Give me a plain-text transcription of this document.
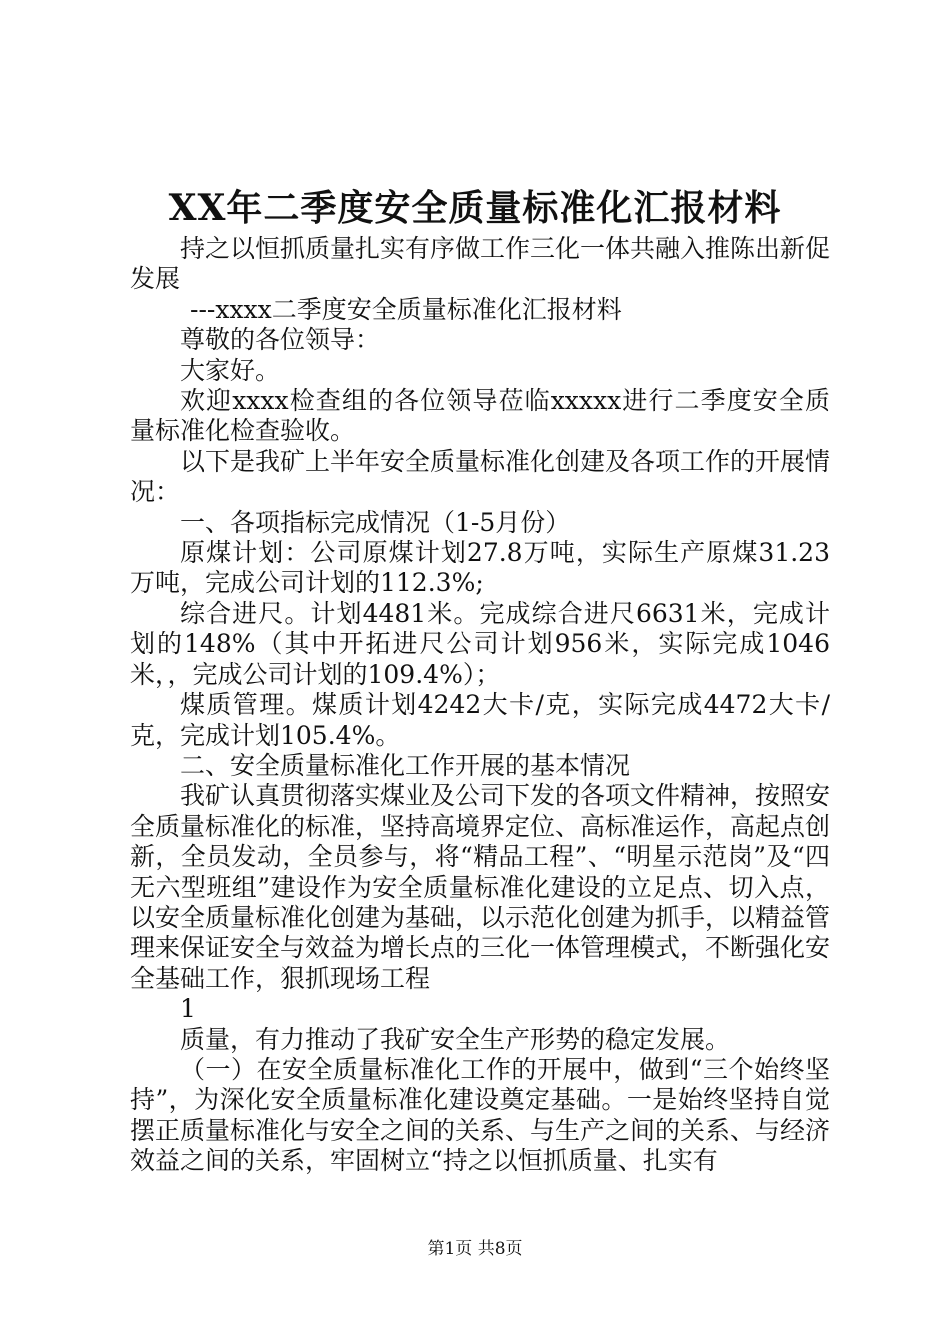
XX年二季度安全质量标准化汇报材料

持之以恒抓质量扎实有序做工作三化一体共融入推陈出新促发展

---xxxx二季度安全质量标准化汇报材料

尊敬的各位领导：

大家好。

欢迎xxxx检查组的各位领导莅临xxxxx进行二季度安全质量标准化检查验收。

以下是我矿上半年安全质量标准化创建及各项工作的开展情况：

一、各项指标完成情况（1-5月份）

原煤计划：公司原煤计划27.8万吨，实际生产原煤31.23万吨，完成公司计划的112.3%;

综合进尺。计划4481米。完成综合进尺6631米，完成计划的148%（其中开拓进尺公司计划956米，实际完成1046米，，完成公司计划的109.4%）；

煤质管理。煤质计划4242大卡/克，实际完成4472大卡/克，完成计划105.4%。

二、安全质量标准化工作开展的基本情况

我矿认真贯彻落实煤业及公司下发的各项文件精神，按照安全质量标准化的标准，坚持高境界定位、高标准运作，高起点创新，全员发动，全员参与，将“精品工程”、“明星示范岗”及“四无六型班组”建设作为安全质量标准化建设的立足点、切入点，以安全质量标准化创建为基础，以示范化创建为抓手，以精益管理来保证安全与效益为增长点的三化一体管理模式，不断强化安全基础工作，狠抓现场工程

1

质量，有力推动了我矿安全生产形势的稳定发展。

（一）在安全质量标准化工作的开展中，做到“三个始终坚持”，为深化安全质量标准化建设奠定基础。一是始终坚持自觉摆正质量标准化与安全之间的关系、与生产之间的关系、与经济效益之间的关系，牢固树立“持之以恒抓质量、扎实有

第1页 共8页
